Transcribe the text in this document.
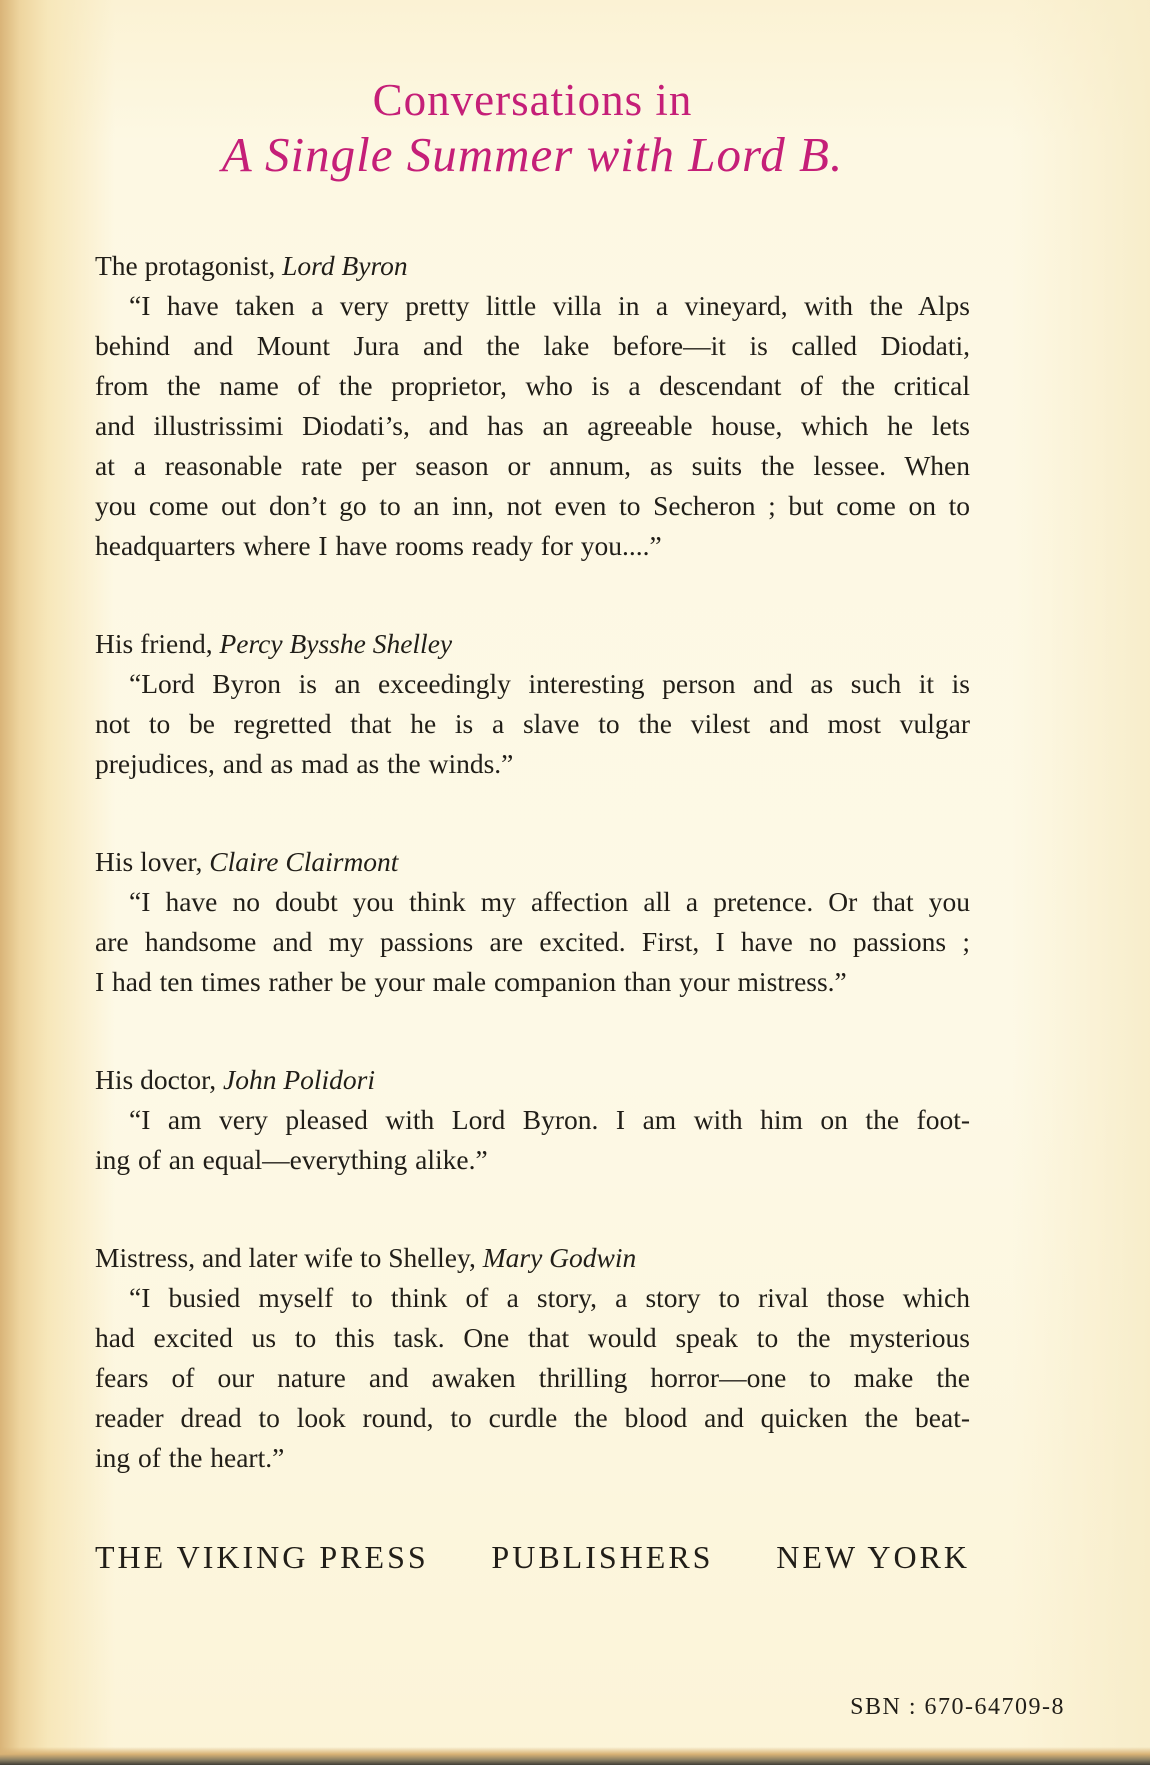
Conversations in
A Single Summer with Lord B.
The protagonist, Lord Byron
“I have taken a very pretty little villa in a vineyard, with the Alps
behind and Mount Jura and the lake before—it is called Diodati,
from the name of the proprietor, who is a descendant of the critical
and illustrissimi Diodati’s, and has an agreeable house, which he lets
at a reasonable rate per season or annum, as suits the lessee. When
you come out don’t go to an inn, not even to Secheron ; but come on to
headquarters where I have rooms ready for you....”
His friend, Percy Bysshe Shelley
“Lord Byron is an exceedingly interesting person and as such it is
not to be regretted that he is a slave to the vilest and most vulgar
prejudices, and as mad as the winds.”
His lover, Claire Clairmont
“I have no doubt you think my affection all a pretence. Or that you
are handsome and my passions are excited. First, I have no passions ;
I had ten times rather be your male companion than your mistress.”
His doctor, John Polidori
“I am very pleased with Lord Byron. I am with him on the foot-
ing of an equal—everything alike.”
Mistress, and later wife to Shelley, Mary Godwin
“I busied myself to think of a story, a story to rival those which
had excited us to this task. One that would speak to the mysterious
fears of our nature and awaken thrilling horror—one to make the
reader dread to look round, to curdle the blood and quicken the beat-
ing of the heart.”
THE VIKING PRESS PUBLISHERS NEW YORK
SBN : 670-64709-8
